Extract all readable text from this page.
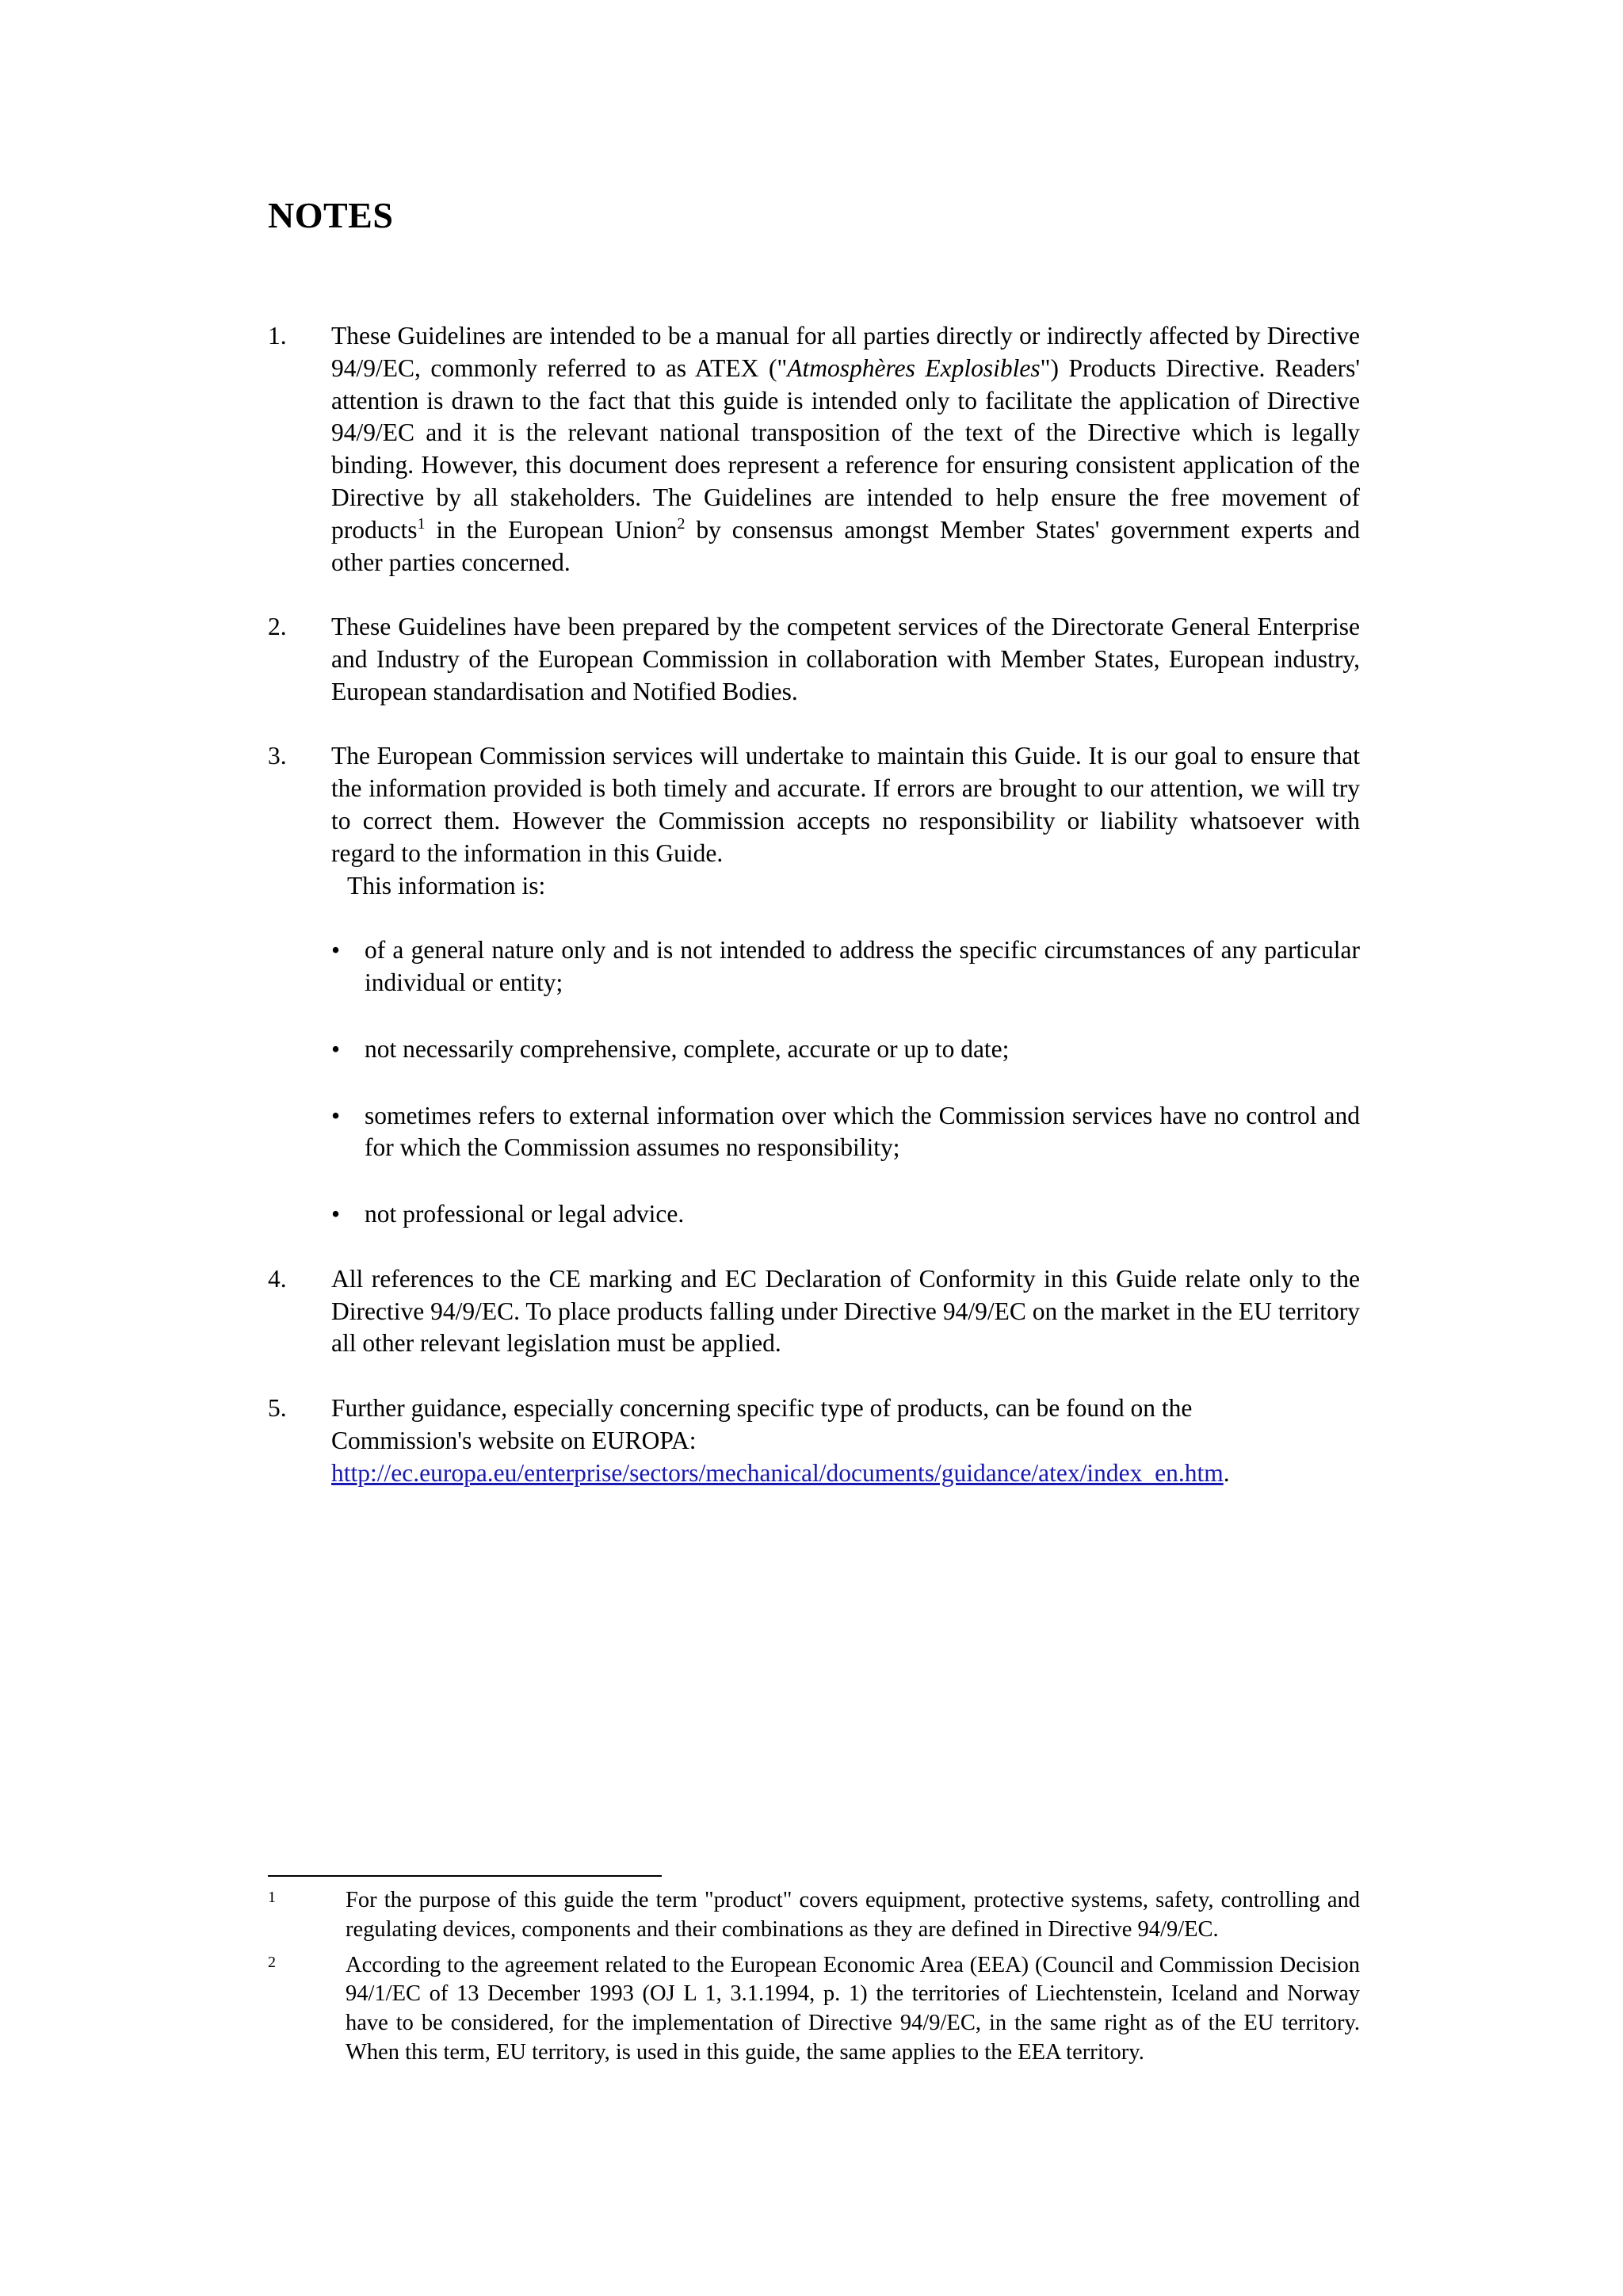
NOTES
1. These Guidelines are intended to be a manual for all parties directly or indirectly affected by Directive 94/9/EC, commonly referred to as ATEX ("Atmosphères Explosibles") Products Directive. Readers' attention is drawn to the fact that this guide is intended only to facilitate the application of Directive 94/9/EC and it is the relevant national transposition of the text of the Directive which is legally binding. However, this document does represent a reference for ensuring consistent application of the Directive by all stakeholders. The Guidelines are intended to help ensure the free movement of products$^1$ in the European Union$^2$ by consensus amongst Member States' government experts and other parties concerned.

2. These Guidelines have been prepared by the competent services of the Directorate General Enterprise and Industry of the European Commission in collaboration with Member States, European industry, European standardisation and Notified Bodies.

3. The European Commission services will undertake to maintain this Guide. It is our goal to ensure that the information provided is both timely and accurate. If errors are brought to our attention, we will try to correct them. However the Commission accepts no responsibility or liability whatsoever with regard to the information in this Guide.

This information is:

• of a general nature only and is not intended to address the specific circumstances of any particular individual or entity;
• not necessarily comprehensive, complete, accurate or up to date;
• sometimes refers to external information over which the Commission services have no control and for which the Commission assumes no responsibility;
• not professional or legal advice.
4. All references to the CE marking and EC Declaration of Conformity in this Guide relate only to the Directive 94/9/EC. To place products falling under Directive 94/9/EC on the market in the EU territory all other relevant legislation must be applied.

5. Further guidance, especially concerning specific type of products, can be found on the
Commission's website on EUROPA:
http://ec.europa.eu/enterprise/sectors/mechanical/documents/guidance/atex/index_en.htm.

1	For the purpose of this guide the term "product" covers equipment, protective systems, safety, controlling and regulating devices, components and their combinations as they are defined in Directive 94/9/EC.
2	According to the agreement related to the European Economic Area (EEA) (Council and Commission Decision 94/1/EC of 13 December 1993 (OJ L 1, 3.1.1994, p. 1) the territories of Liechtenstein, Iceland and Norway have to be considered, for the implementation of Directive 94/9/EC, in the same right as of the EU territory. When this term, EU territory, is used in this guide, the same applies to the EEA territory.
